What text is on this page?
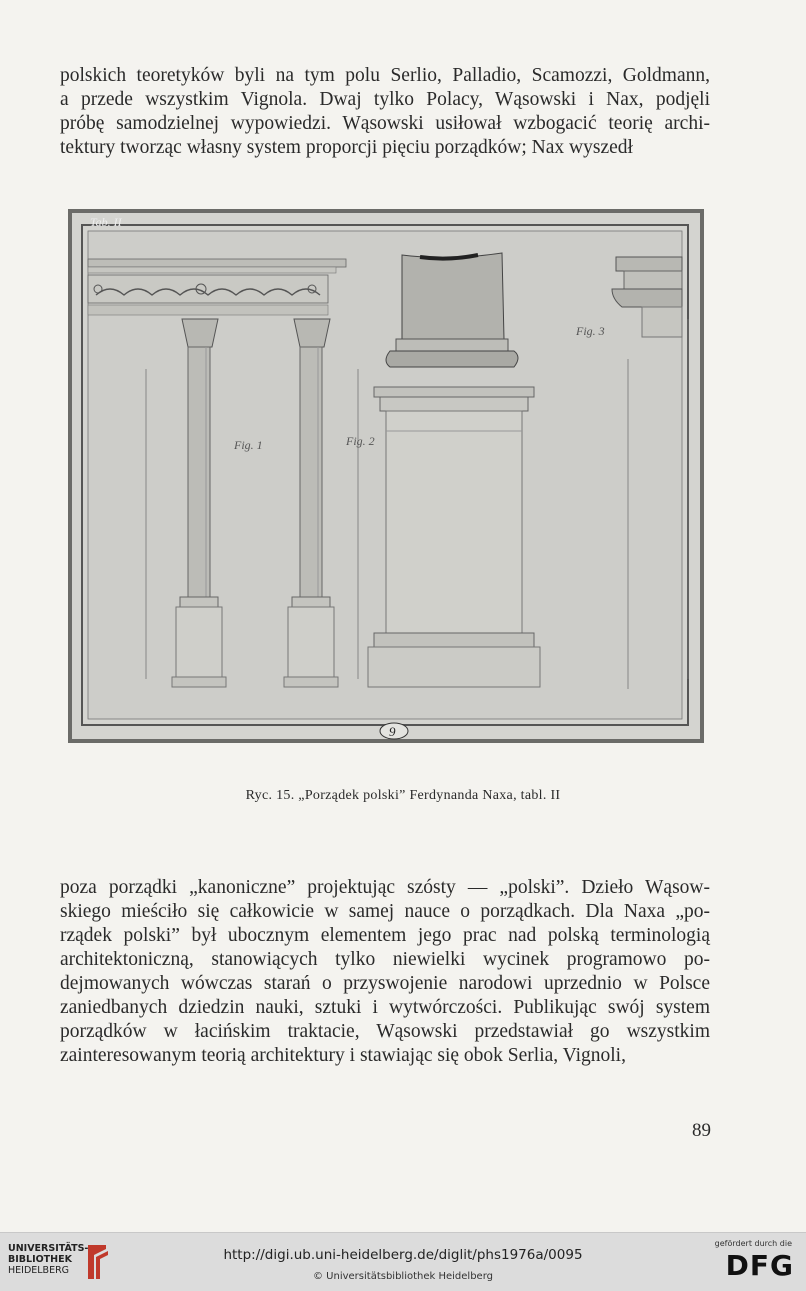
polskich teoretyków byli na tym polu Serlio, Palladio, Scamozzi, Goldmann,
a przede wszystkim Vignola. Dwaj tylko Polacy, Wąsowski i Nax, podjęli
próbę samodzielnej wypowiedzi. Wąsowski usiłował wzbogacić teorię archi-
tektury tworząc własny system proporcji pięciu porządków; Nax wyszedł
Tab. II
Fig. 1	Fig. 2
Fig. 3
9
Ryc. 15. „Porządek polski” Ferdynanda Naxa, tabl. II
poza porządki „kanoniczne” projektując szósty — „polski”. Dzieło Wąsow-
skiego mieściło się całkowicie w samej nauce o porządkach. Dla Naxa „po-
rządek polski” był ubocznym elementem jego prac nad polską terminologią
architektoniczną, stanowiących tylko niewielki wycinek programowo po-
dejmowanych wówczas starań o przyswojenie narodowi uprzednio w Polsce
zaniedbanych dziedzin nauki, sztuki i wytwórczości. Publikując swój system
porządków w łacińskim traktacie, Wąsowski przedstawiał go wszystkim
zainteresowanym teorią architektury i stawiając się obok Serlia, Vignoli,
89
UNIVERSITÄTS-
BIBLIOTHEK
HEIDELBERG
http://digi.ub.uni-heidelberg.de/diglit/phs1976a/0095
© Universitätsbibliothek Heidelberg
gefördert durch die
DFG
